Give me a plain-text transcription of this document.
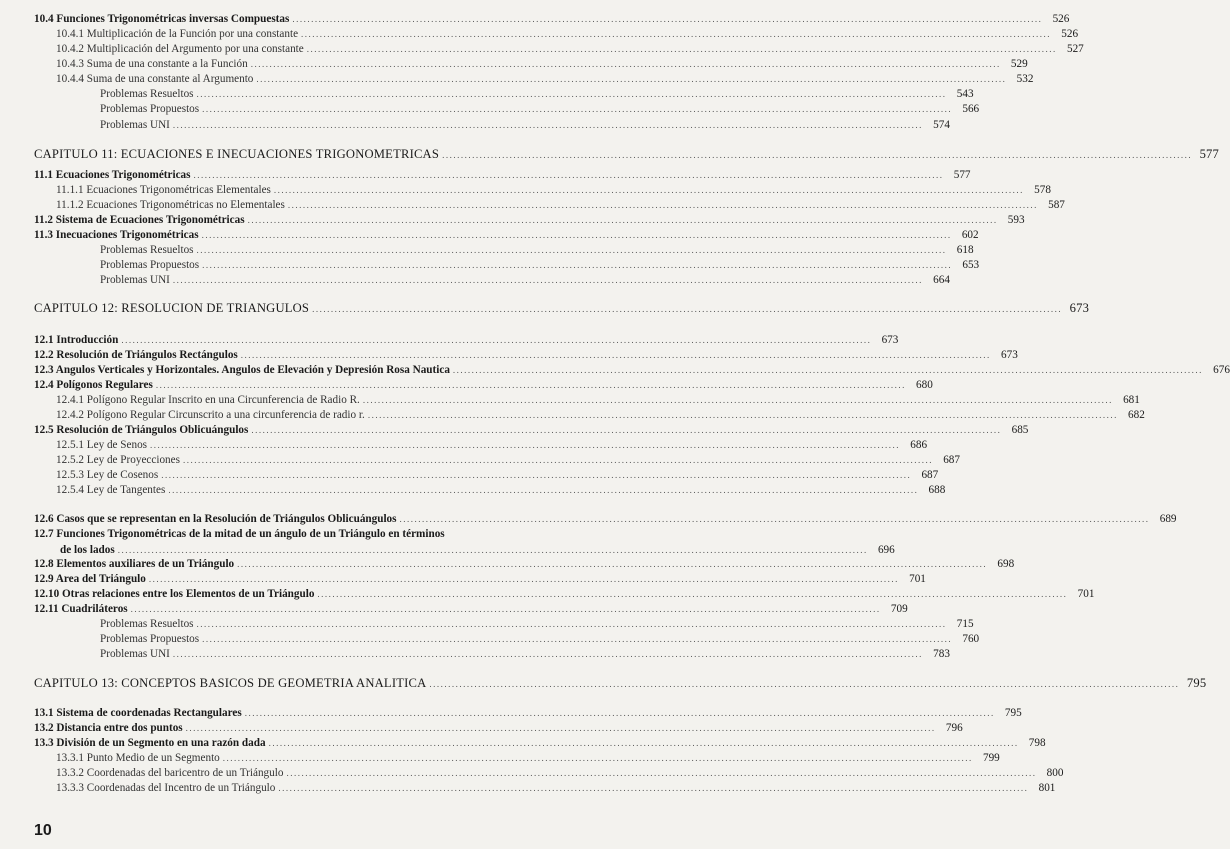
10.4 Funciones Trigonométricas inversas Compuestas ........................................................................................................................................................................................................ 526
10.4.1 Multiplicación de la Función por una constante ........................................................................................................................................................................................................ 526
10.4.2 Multiplicación del Argumento por una constante ........................................................................................................................................................................................................ 527
10.4.3 Suma de una constante a la Función ........................................................................................................................................................................................................ 529
10.4.4 Suma de una constante al Argumento ........................................................................................................................................................................................................ 532
Problemas Resueltos ........................................................................................................................................................................................................ 543
Problemas Propuestos ........................................................................................................................................................................................................ 566
Problemas UNI ........................................................................................................................................................................................................ 574
CAPITULO 11: ECUACIONES E INECUACIONES TRIGONOMETRICAS ........................................................................................................................................................................................................ 577
11.1 Ecuaciones Trigonométricas ........................................................................................................................................................................................................ 577
11.1.1 Ecuaciones Trigonométricas Elementales ........................................................................................................................................................................................................ 578
11.1.2 Ecuaciones Trigonométricas no Elementales ........................................................................................................................................................................................................ 587
11.2 Sistema de Ecuaciones Trigonométricas ........................................................................................................................................................................................................ 593
11.3 Inecuaciones Trigonométricas ........................................................................................................................................................................................................ 602
Problemas Resueltos ........................................................................................................................................................................................................ 618
Problemas Propuestos ........................................................................................................................................................................................................ 653
Problemas UNI ........................................................................................................................................................................................................ 664
CAPITULO 12: RESOLUCION DE TRIANGULOS ........................................................................................................................................................................................................ 673
12.1 Introducción ........................................................................................................................................................................................................ 673
12.2 Resolución de Triángulos Rectángulos ........................................................................................................................................................................................................ 673
12.3 Angulos Verticales y Horizontales. Angulos de Elevación y Depresión Rosa Nautica ........................................................................................................................................................................................................ 676
12.4 Polígonos Regulares ........................................................................................................................................................................................................ 680
12.4.1 Polígono Regular Inscrito en una Circunferencia de Radio R. ........................................................................................................................................................................................................ 681
12.4.2 Polígono Regular Circunscrito a una circunferencia de radio r. ........................................................................................................................................................................................................ 682
12.5 Resolución de Triángulos Oblicuángulos ........................................................................................................................................................................................................ 685
12.5.1 Ley de Senos ........................................................................................................................................................................................................ 686
12.5.2 Ley de Proyecciones ........................................................................................................................................................................................................ 687
12.5.3 Ley de Cosenos ........................................................................................................................................................................................................ 687
12.5.4 Ley de Tangentes ........................................................................................................................................................................................................ 688
12.6 Casos que se representan en la Resolución de Triángulos Oblicuángulos ........................................................................................................................................................................................................ 689
12.7 Funciones Trigonométricas de la mitad de un ángulo de un Triángulo en términos
de los lados ........................................................................................................................................................................................................ 696
12.8 Elementos auxiliares de un Triángulo ........................................................................................................................................................................................................ 698
12.9 Area del Triángulo ........................................................................................................................................................................................................ 701
12.10 Otras relaciones entre los Elementos de un Triángulo ........................................................................................................................................................................................................ 701
12.11 Cuadriláteros ........................................................................................................................................................................................................ 709
Problemas Resueltos ........................................................................................................................................................................................................ 715
Problemas Propuestos ........................................................................................................................................................................................................ 760
Problemas UNI ........................................................................................................................................................................................................ 783
CAPITULO 13: CONCEPTOS BASICOS DE GEOMETRIA ANALITICA ........................................................................................................................................................................................................ 795
13.1 Sistema de coordenadas Rectangulares ........................................................................................................................................................................................................ 795
13.2 Distancia entre dos puntos ........................................................................................................................................................................................................ 796
13.3 División de un Segmento en una razón dada ........................................................................................................................................................................................................ 798
13.3.1 Punto Medio de un Segmento ........................................................................................................................................................................................................ 799
13.3.2 Coordenadas del baricentro de un Triángulo ........................................................................................................................................................................................................ 800
13.3.3 Coordenadas del Incentro de un Triángulo ........................................................................................................................................................................................................ 801
10
